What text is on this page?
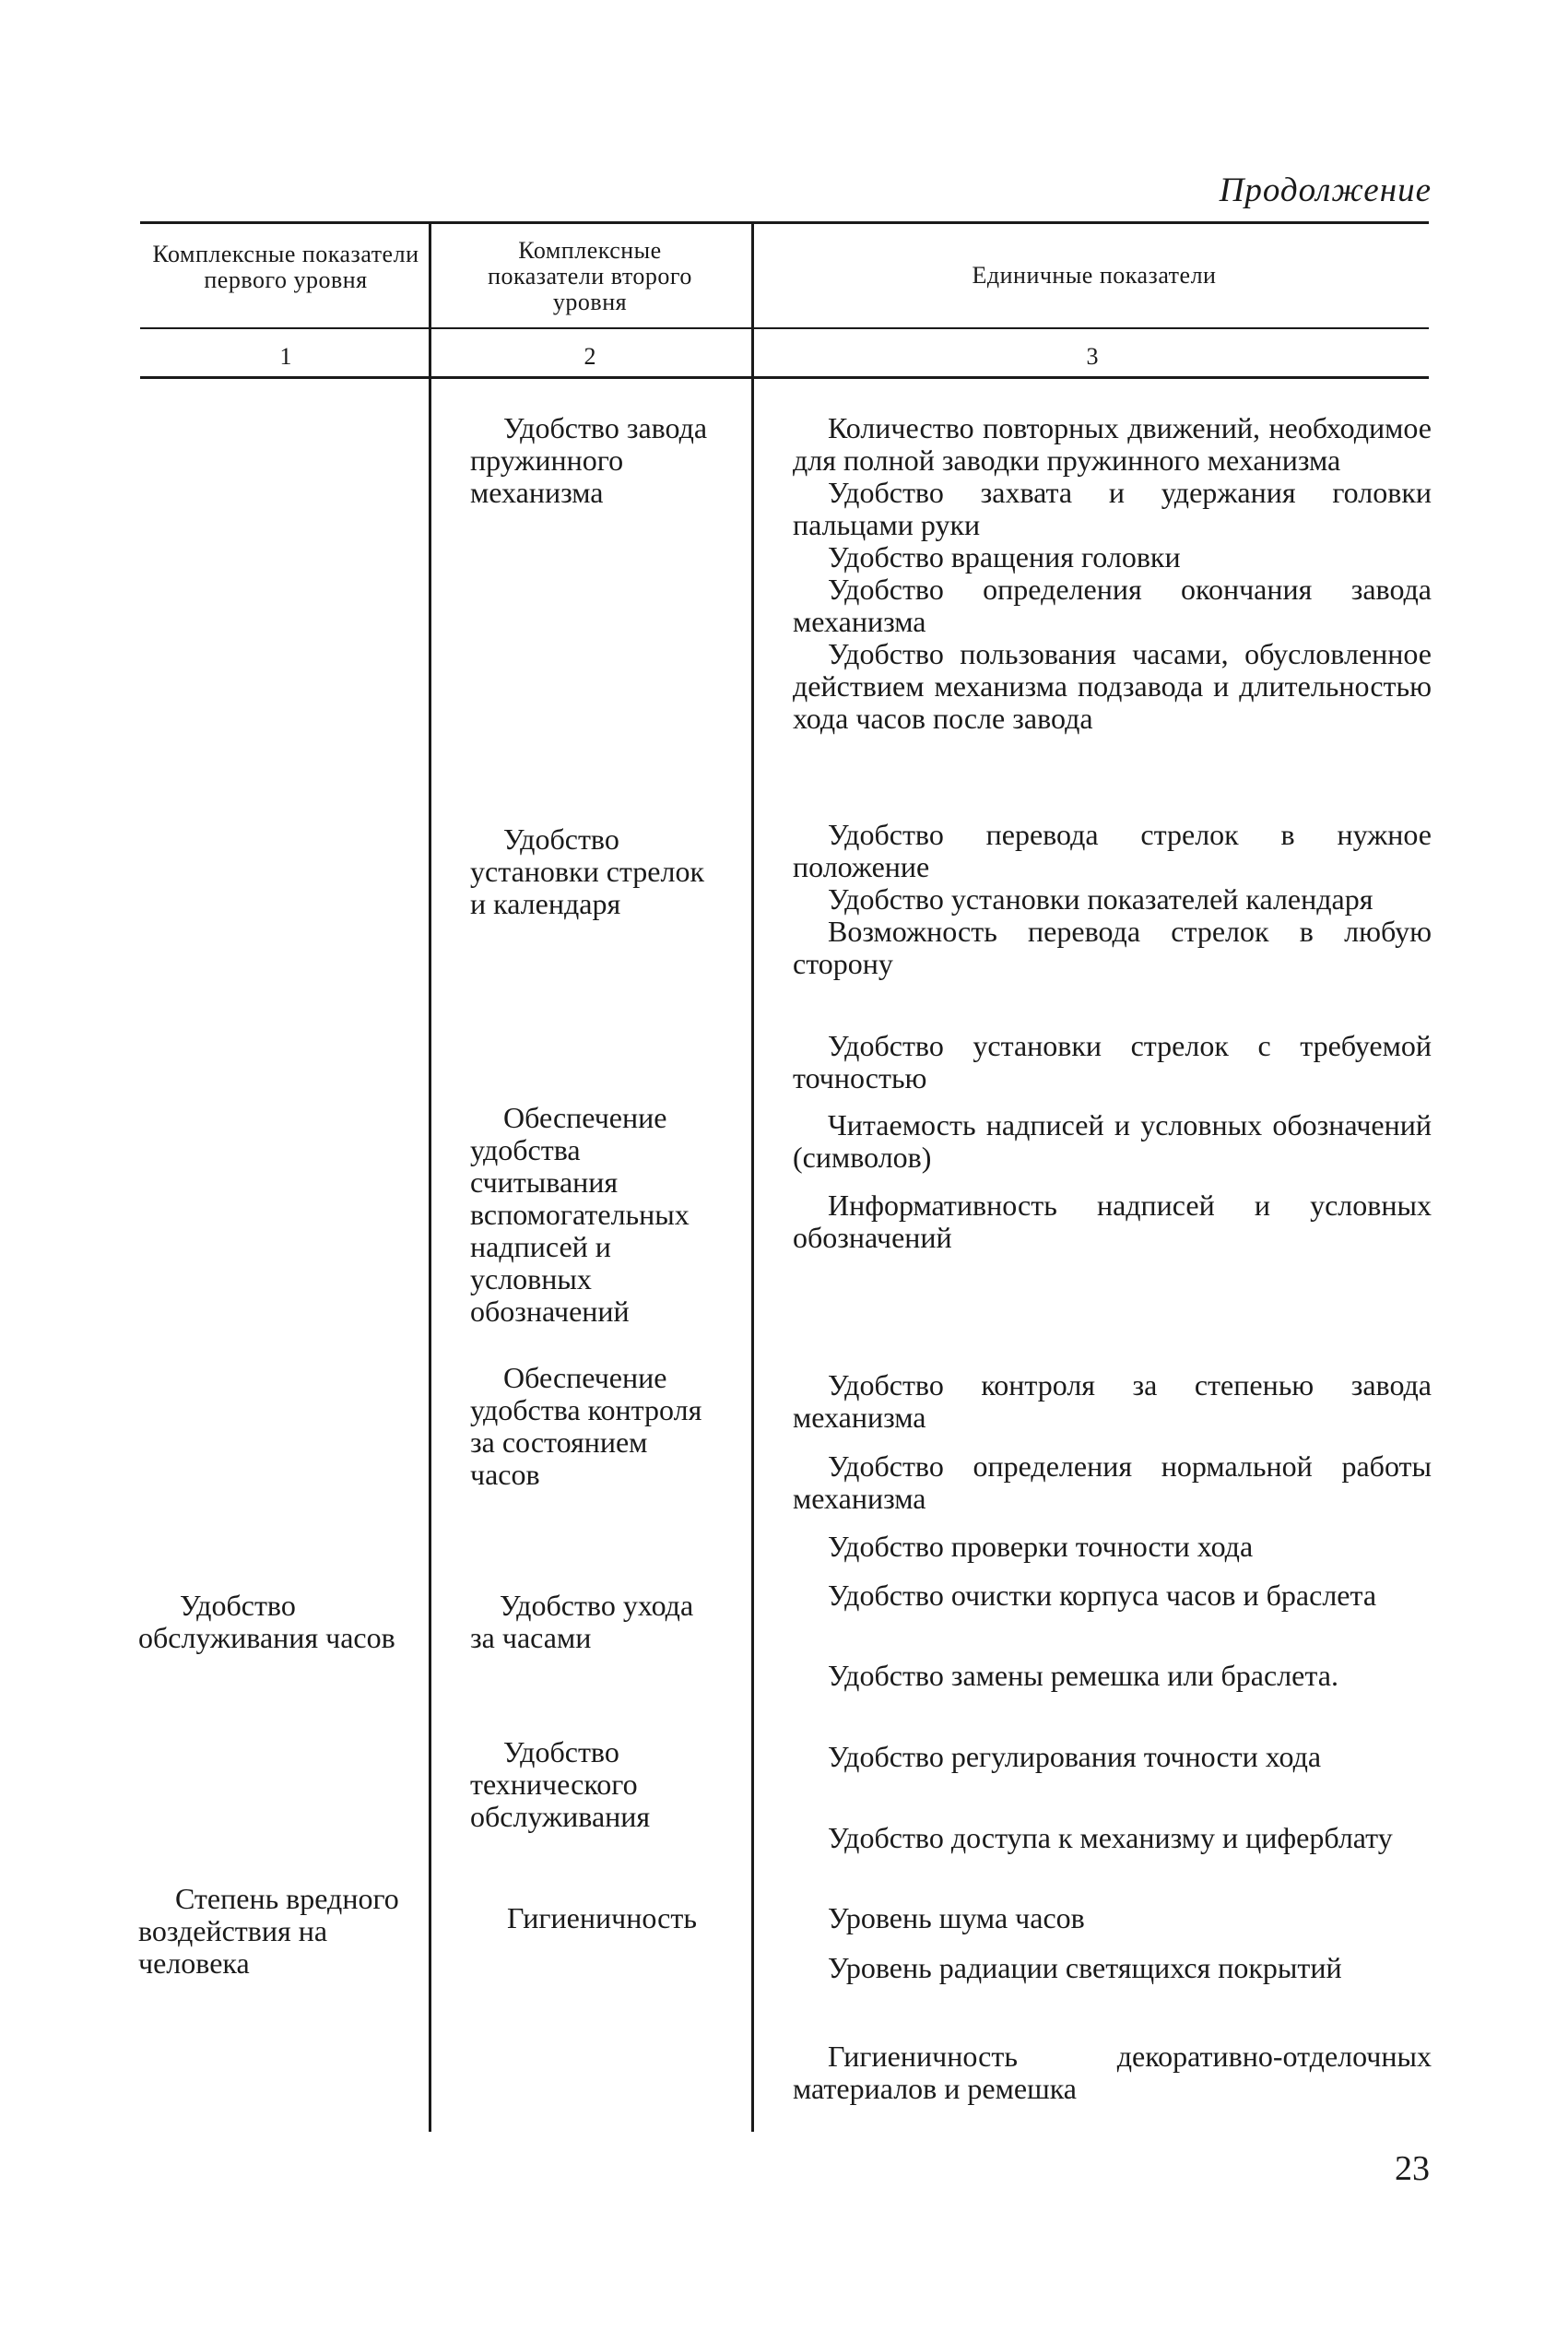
Продолжение
Комплексные показатели первого уровня
Комплексные показатели второго уровня
Единичные показатели
1	2	3
Удобство обслуживания часов
Степень вредного воздействия на человека
Удобство завода пружинного механизма
Удобство установки стрелок и календаря
Обеспечение удобства считывания вспомогательных надписей и условных обозначений
Обеспечение удобства контроля за состоянием часов
Удобство ухода за часами
Удобство технического обслуживания
Гигиеничность
Количество повторных движений, необходимое для полной заводки пружинного механизма
Удобство захвата и удержания головки пальцами руки
Удобство вращения головки
Удобство определения окончания завода механизма
Удобство пользования часами, обусловленное действием механизма подзавода и длительностью хода часов после завода
Удобство перевода стрелок в нужное положение
Удобство установки показателей календаря
Возможность перевода стрелок в любую сторону
Удобство установки стрелок с требуемой точностью
Читаемость надписей и условных обозначений (символов)
Информативность надписей и условных обозначений
Удобство контроля за степенью завода механизма
Удобство определения нормальной работы механизма
Удобство проверки точности хода
Удобство очистки корпуса часов и браслета
Удобство замены ремешка или браслета.
Удобство регулирования точности хода
Удобство доступа к механизму и циферблату
Уровень шума часов
Уровень радиации светящихся покрытий
Гигиеничность декоративно-отделочных материалов и ремешка
23
